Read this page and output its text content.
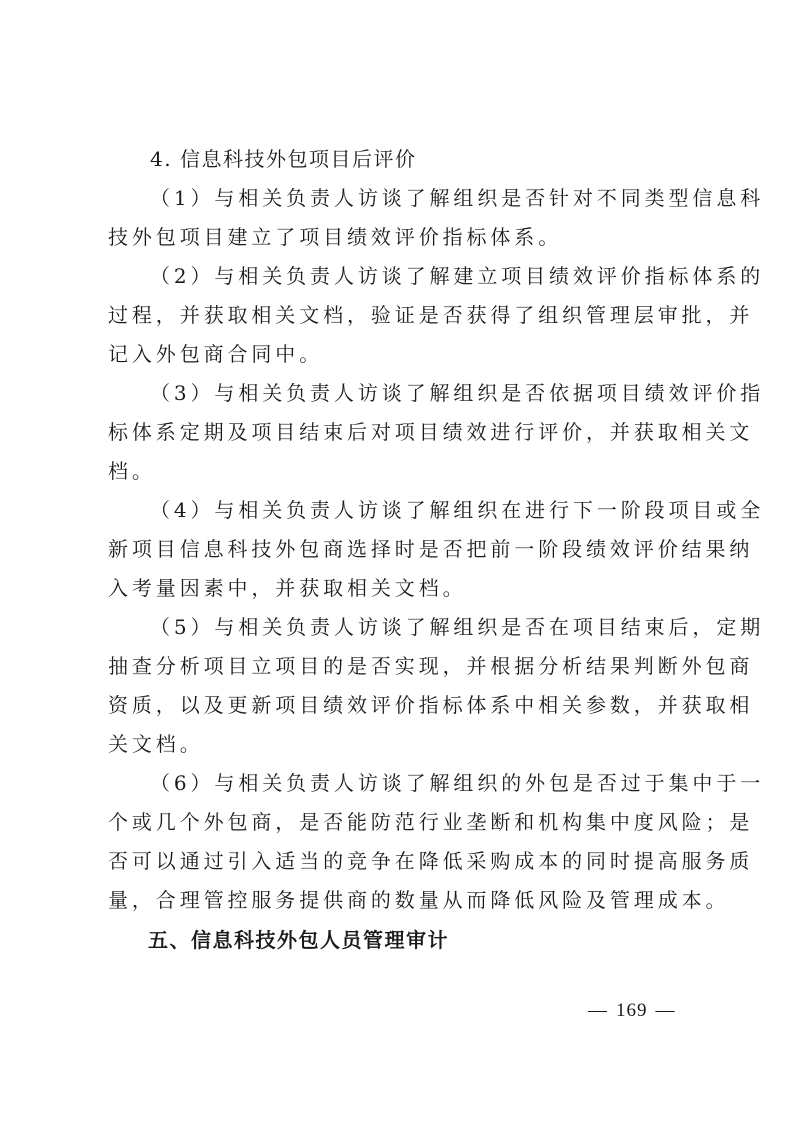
4. 信息科技外包项目后评价
（1）与相关负责人访谈了解组织是否针对不同类型信息科
技外包项目建立了项目绩效评价指标体系。
（2）与相关负责人访谈了解建立项目绩效评价指标体系的
过程，并获取相关文档，验证是否获得了组织管理层审批，并
记入外包商合同中。
（3）与相关负责人访谈了解组织是否依据项目绩效评价指
标体系定期及项目结束后对项目绩效进行评价，并获取相关文
档。
（4）与相关负责人访谈了解组织在进行下一阶段项目或全
新项目信息科技外包商选择时是否把前一阶段绩效评价结果纳
入考量因素中，并获取相关文档。
（5）与相关负责人访谈了解组织是否在项目结束后，定期
抽查分析项目立项目的是否实现，并根据分析结果判断外包商
资质，以及更新项目绩效评价指标体系中相关参数，并获取相
关文档。
（6）与相关负责人访谈了解组织的外包是否过于集中于一
个或几个外包商，是否能防范行业垄断和机构集中度风险；是
否可以通过引入适当的竞争在降低采购成本的同时提高服务质
量，合理管控服务提供商的数量从而降低风险及管理成本。
五、信息科技外包人员管理审计
— 169 —
